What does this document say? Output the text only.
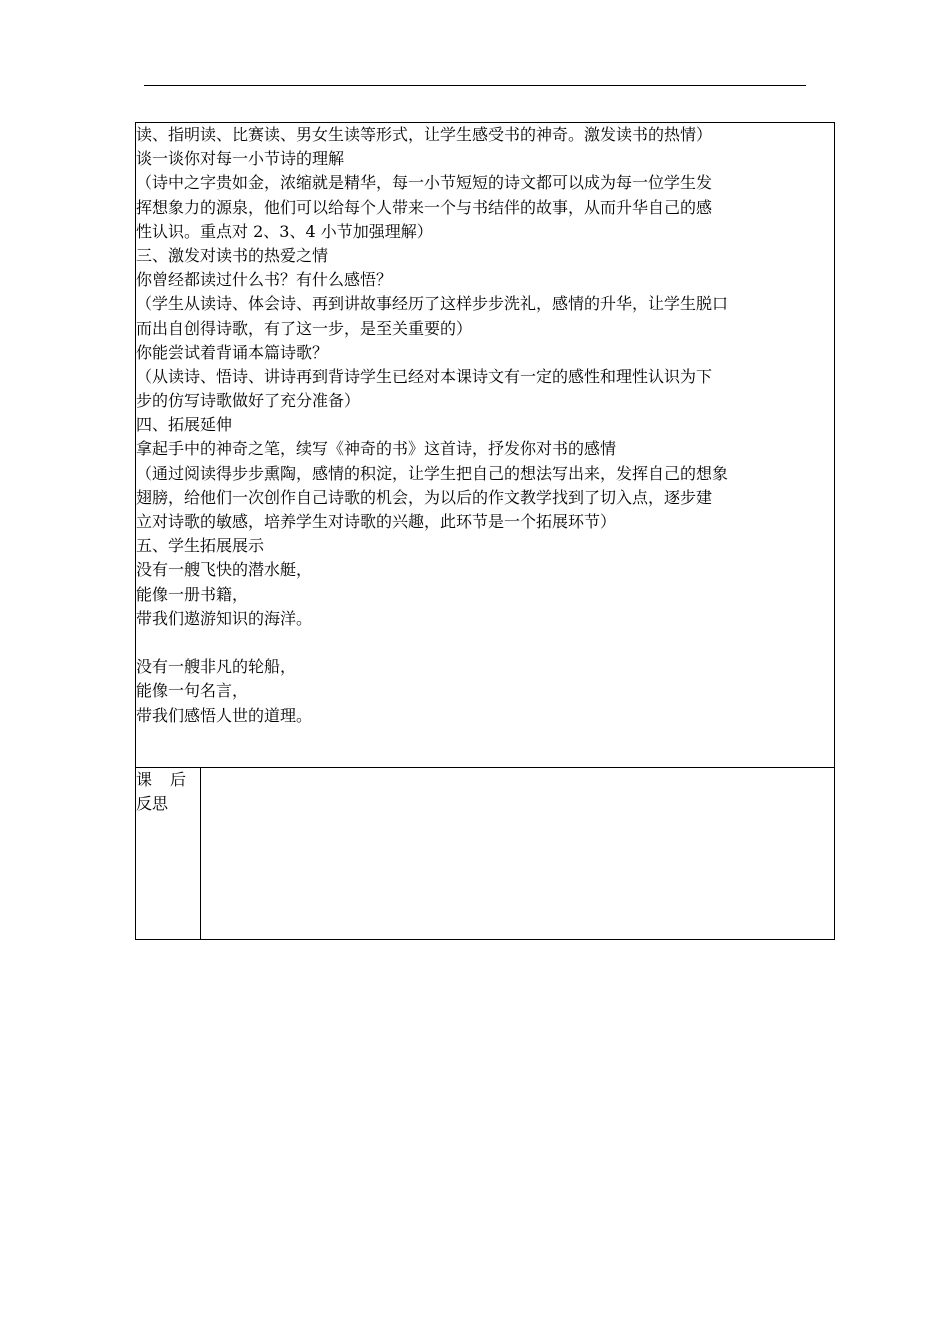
读、指明读、比赛读、男女生读等形式，让学生感受书的神奇。激发读书的热情）
谈一谈你对每一小节诗的理解
（诗中之字贵如金，浓缩就是精华，每一小节短短的诗文都可以成为每一位学生发
挥想象力的源泉，他们可以给每个人带来一个与书结伴的故事，从而升华自己的感
性认识。重点对 2、3、4 小节加强理解）
三、激发对读书的热爱之情
你曾经都读过什么书？有什么感悟？
（学生从读诗、体会诗、再到讲故事经历了这样步步洗礼，感情的升华，让学生脱口
而出自创得诗歌，有了这一步，是至关重要的）
你能尝试着背诵本篇诗歌？
（从读诗、悟诗、讲诗再到背诗学生已经对本课诗文有一定的感性和理性认识为下
步的仿写诗歌做好了充分准备）
四、拓展延伸
拿起手中的神奇之笔，续写《神奇的书》这首诗，抒发你对书的感情
（通过阅读得步步熏陶，感情的积淀，让学生把自己的想法写出来，发挥自己的想象
翅膀，给他们一次创作自己诗歌的机会，为以后的作文教学找到了切入点，逐步建
立对诗歌的敏感，培养学生对诗歌的兴趣，此环节是一个拓展环节）
五、学生拓展展示
没有一艘飞快的潜水艇，
能像一册书籍，
带我们遨游知识的海洋。
没有一艘非凡的轮船，
能像一句名言，
带我们感悟人世的道理。

课后
反思
